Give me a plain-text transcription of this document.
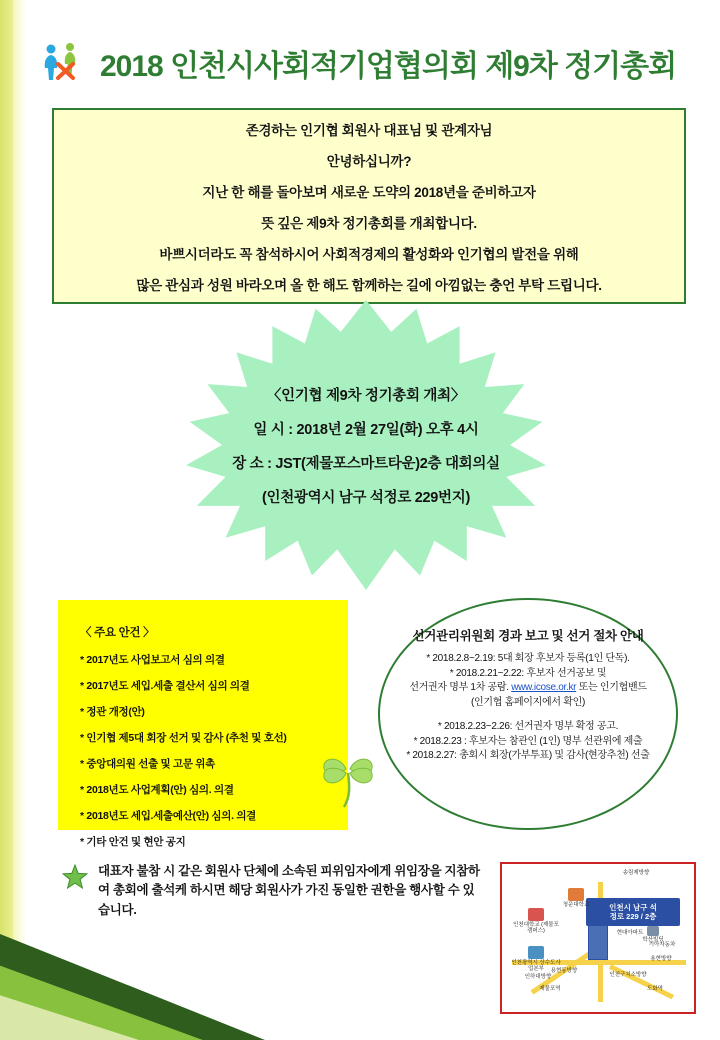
2018 인천시사회적기업협의회 제9차 정기총회

존경하는 인기협 회원사 대표님 및 관계자님

안녕하십니까?

지난 한 해를 돌아보며 새로운 도약의 2018년을 준비하고자

뜻 깊은 제9차 정기총회를 개최합니다.

바쁘시더라도 꼭 참석하시어 사회적경제의 활성화와 인기협의 발전을 위해

많은 관심과 성원 바라오며 올 한 해도 함께하는 길에 아낌없는 충언 부탁 드립니다.

〈인기협 제9차 정기총회 개최〉
일 시 : 2018년 2월 27일(화) 오후 4시
장 소 : JST(제물포스마트타운)2층 대회의실
(인천광역시 남구 석정로 229번지)
〈 주요 안건 〉
* 2017년도 사업보고서 심의 의결
* 2017년도 세입.세출 결산서 심의 의결
* 정관 개정(안)
* 인기협 제5대 회장 선거 및 감사 (추천 및 호선)
* 중앙대의원 선출 및 고문 위촉
* 2018년도 사업계획(안) 심의. 의결
* 2018년도 세입.세출예산(안) 심의. 의결
* 기타 안건 및 현안 공지
선거관리위원회 경과 보고 및 선거 절차 안내
* 2018.2.8~2.19: 5대 회장 후보자 등록(1인 단독).
* 2018.2.21~2.22: 후보자 선거공보 및
선거권자 명부 1차 공람. www.icose.or.kr 또는 인기협밴드
(인기협 홈페이지에서 확인)
* 2018.2.23~2.26: 선거권자 명부 확정 공고.
* 2018.2.23 : 후보자는 참관인 (1인) 명부 선관위에 제출
* 2018.2.27: 총회시 회장(가부투표) 및 감사(현장추천) 선출

대표자 불참 시 같은 회원사 단체에 소속된 피위임자에게 위임장을 지참하여 총회에 출석케 하시면 해당 회원사가 가진 동일한 권한을 행사할 수 있습니다.	인천시 남구 석
정로 229 / 2층
송림제방향
청운대학교
인천대학교 (제물포캠퍼스)
인천광역시 상수도사업본부
제물포역
용현동방향
인천구치소방향
도화역
기아자동차
용현방향
학산빌딩
현대아파트
인하대방향
